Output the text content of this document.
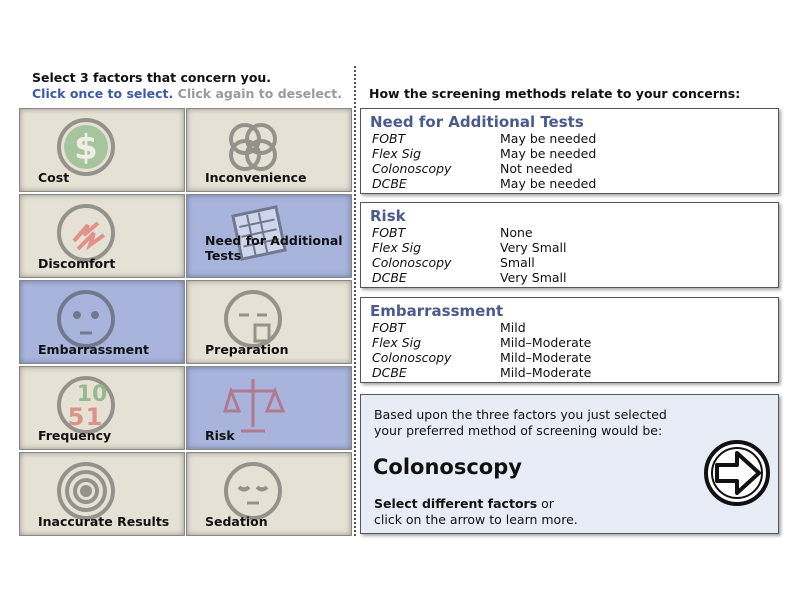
Select 3 factors that concern you.
Click once to select. Click again to deselect. How the screening methods relate to your concerns:
$
Cost	Inconvenience
Discomfort
Need for Additional Tests
Embarrassment	Preparation
10
5 1
Frequency	Risk
Inaccurate Results	Sedation
Need for Additional Tests
FOBT	May be needed
Flex Sig	May be needed
Colonoscopy	Not needed
DCBE	May be needed
Risk
FOBT	None
Flex Sig	Very Small
Colonoscopy	Small
DCBE	Very Small
Embarrassment
FOBT	Mild
Flex Sig	Mild–Moderate
Colonoscopy	Mild–Moderate
DCBE	Mild–Moderate
Based upon the three factors you just selected
your preferred method of screening would be:
Colonoscopy
Select different factors or
click on the arrow to learn more.
